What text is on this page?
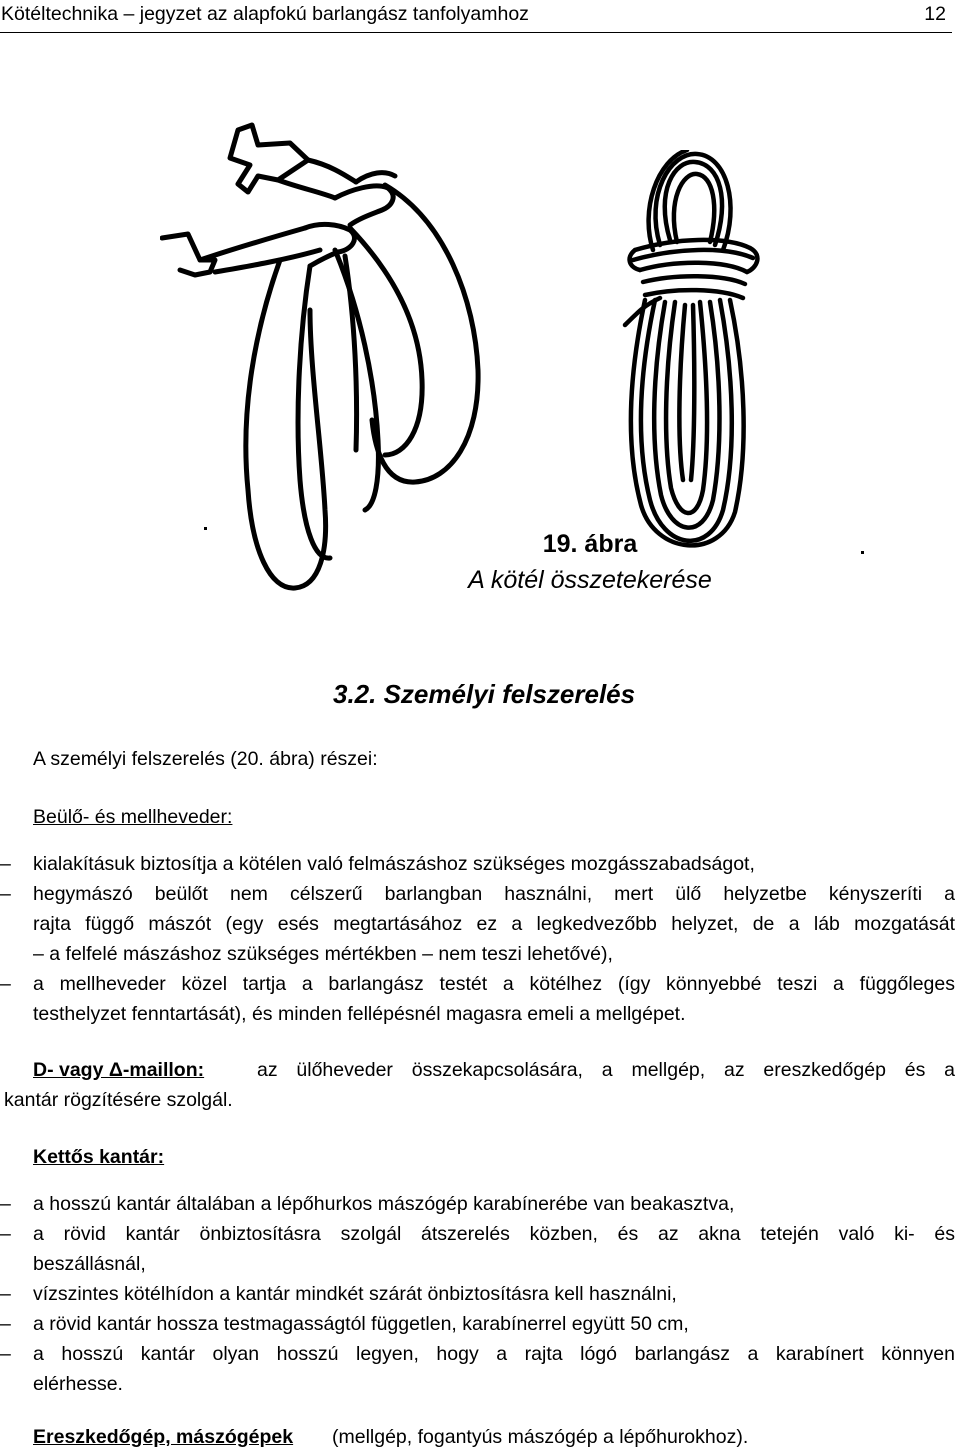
Kötéltechnika – jegyzet az alapfokú barlangász tanfolyamhoz	12
19. ábra
A kötél összetekerése
3.2. Személyi felszerelés
A személyi felszerelés (20. ábra) részei:
Beülő- és mellheveder:
– kialakításuk biztosítja a kötélen való felmászáshoz szükséges mozgásszabadságot,
– hegymászó beülőt nem célszerű barlangban használni, mert ülő helyzetbe kényszeríti a
rajta függő mászót (egy esés megtartásához ez a legkedvezőbb helyzet, de a láb mozgatását
– a felfelé mászáshoz szükséges mértékben – nem teszi lehetővé),
– a mellheveder közel tartja a barlangász testét a kötélhez (így könnyebbé teszi a függőleges
testhelyzet fenntartását), és minden fellépésnél magasra emeli a mellgépet.
D- vagy Δ-maillon:	az ülőheveder összekapcsolására, a mellgép, az ereszkedőgép és a
kantár rögzítésére szolgál.
Kettős kantár:
– a hosszú kantár általában a lépőhurkos mászógép karabínerébe van beakasztva,
– a rövid kantár önbiztosításra szolgál átszerelés közben, és az akna tetején való ki- és
beszállásnál,
– vízszintes kötélhídon a kantár mindkét szárát önbiztosításra kell használni,
– a rövid kantár hossza testmagasságtól független, karabínerrel együtt 50 cm,
– a hosszú kantár olyan hosszú legyen, hogy a rajta lógó barlangász a karabínert könnyen
elérhesse.
Ereszkedőgép, mászógépek (mellgép, fogantyús mászógép a lépőhurokhoz).
